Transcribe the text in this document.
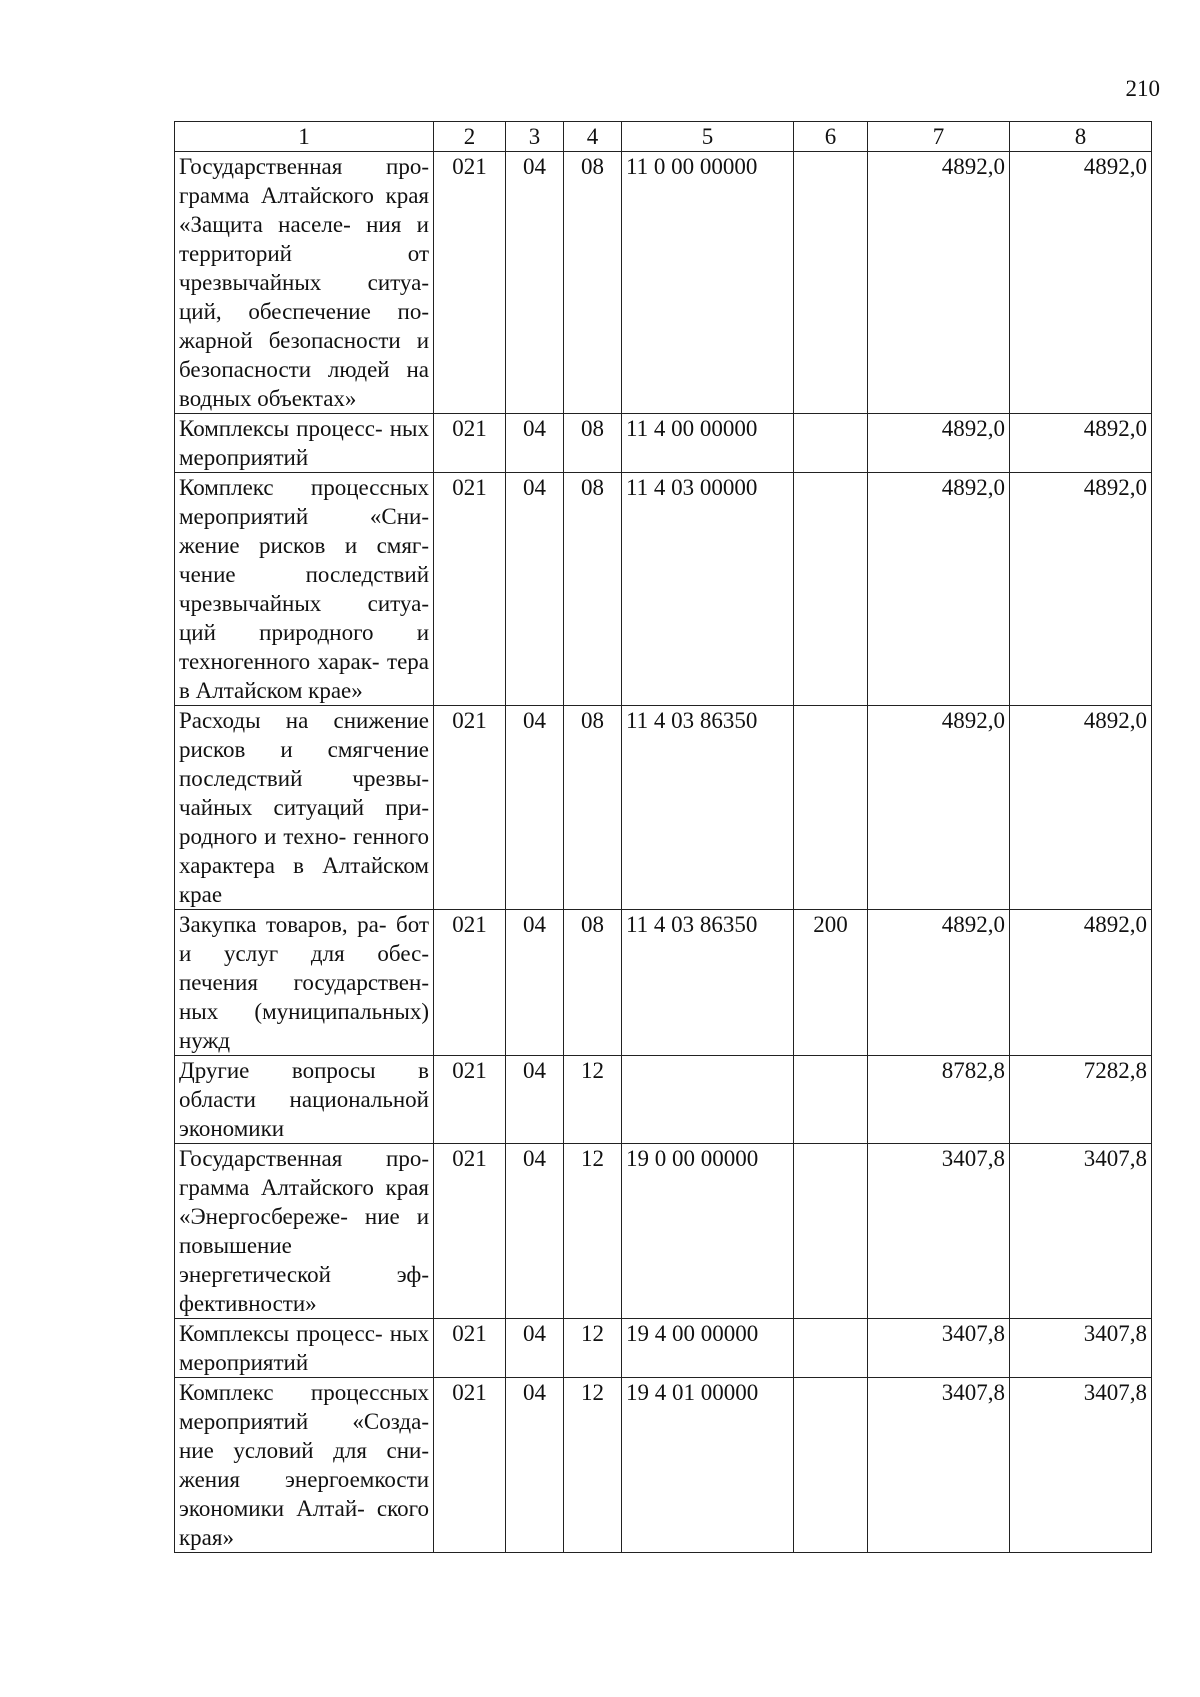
210
1	2	3	4	5	6	7	8
Государственная про- грамма Алтайского края «Защита населе- ния и территорий от чрезвычайных ситуа- ций, обеспечение по- жарной безопасности и безопасности людей на водных объектах»	021	04	08	11 0 00 00000		4892,0	4892,0
Комплексы процесс- ных мероприятий	021	04	08	11 4 00 00000		4892,0	4892,0
Комплекс процессных мероприятий «Сни- жение рисков и смяг- чение последствий чрезвычайных ситуа- ций природного и техногенного харак- тера в Алтайском крае»	021	04	08	11 4 03 00000		4892,0	4892,0
Расходы на снижение рисков и смягчение последствий чрезвы- чайных ситуаций при- родного и техно- генного характера в Алтайском крае	021	04	08	11 4 03 86350		4892,0	4892,0
Закупка товаров, ра- бот и услуг для обес- печения государствен- ных (муниципальных) нужд	021	04	08	11 4 03 86350	200	4892,0	4892,0
Другие вопросы в области национальной экономики	021	04	12			8782,8	7282,8
Государственная про- грамма Алтайского края «Энергосбереже- ние и повышение энергетической эф- фективности»	021	04	12	19 0 00 00000		3407,8	3407,8
Комплексы процесс- ных мероприятий	021	04	12	19 4 00 00000		3407,8	3407,8
Комплекс процессных мероприятий «Созда- ние условий для сни- жения энергоемкости экономики Алтай- ского края»	021	04	12	19 4 01 00000		3407,8	3407,8
